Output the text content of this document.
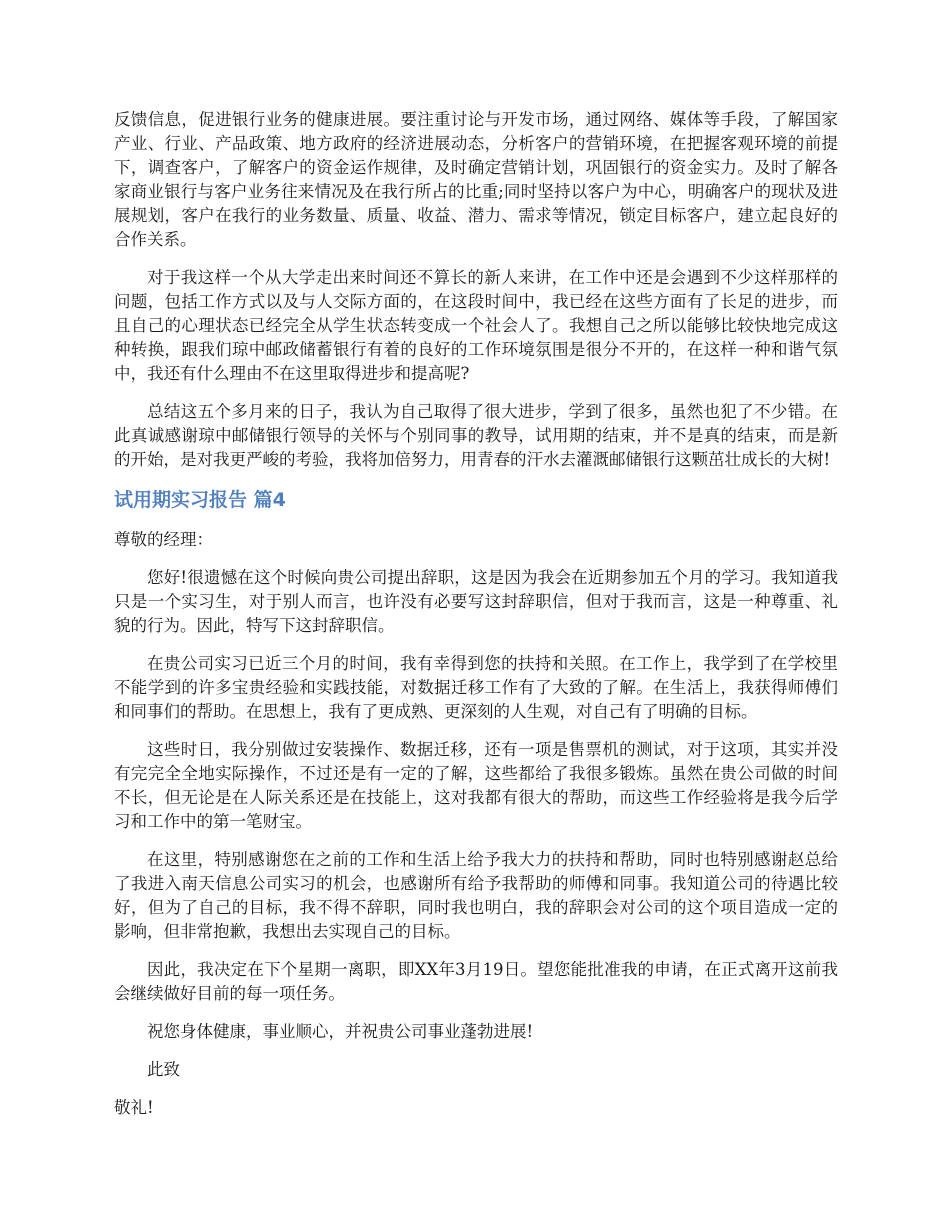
反馈信息，促进银行业务的健康进展。要注重讨论与开发市场，通过网络、媒体等手段，了解国家产业、行业、产品政策、地方政府的经济进展动态，分析客户的营销环境，在把握客观环境的前提下，调查客户，了解客户的资金运作规律，及时确定营销计划，巩固银行的资金实力。及时了解各家商业银行与客户业务往来情况及在我行所占的比重;同时坚持以客户为中心，明确客户的现状及进展规划，客户在我行的业务数量、质量、收益、潜力、需求等情况，锁定目标客户，建立起良好的合作关系。

对于我这样一个从大学走出来时间还不算长的新人来讲，在工作中还是会遇到不少这样那样的问题，包括工作方式以及与人交际方面的，在这段时间中，我已经在这些方面有了长足的进步，而且自己的心理状态已经完全从学生状态转变成一个社会人了。我想自己之所以能够比较快地完成这种转换，跟我们琼中邮政储蓄银行有着的良好的工作环境氛围是很分不开的，在这样一种和谐气氛中，我还有什么理由不在这里取得进步和提高呢?

总结这五个多月来的日子，我认为自己取得了很大进步，学到了很多，虽然也犯了不少错。在此真诚感谢琼中邮储银行领导的关怀与个别同事的教导，试用期的结束，并不是真的结束，而是新的开始，是对我更严峻的考验，我将加倍努力，用青春的汗水去灌溉邮储银行这颗茁壮成长的大树!

试用期实习报告 篇4

尊敬的经理：

您好!很遗憾在这个时候向贵公司提出辞职，这是因为我会在近期参加五个月的学习。我知道我只是一个实习生，对于别人而言，也许没有必要写这封辞职信，但对于我而言，这是一种尊重、礼貌的行为。因此，特写下这封辞职信。

在贵公司实习已近三个月的时间，我有幸得到您的扶持和关照。在工作上，我学到了在学校里不能学到的许多宝贵经验和实践技能，对数据迁移工作有了大致的了解。在生活上，我获得师傅们和同事们的帮助。在思想上，我有了更成熟、更深刻的人生观，对自己有了明确的目标。

这些时日，我分别做过安装操作、数据迁移，还有一项是售票机的测试，对于这项，其实并没有完完全全地实际操作，不过还是有一定的了解，这些都给了我很多锻炼。虽然在贵公司做的时间不长，但无论是在人际关系还是在技能上，这对我都有很大的帮助，而这些工作经验将是我今后学习和工作中的第一笔财宝。

在这里，特别感谢您在之前的工作和生活上给予我大力的扶持和帮助，同时也特别感谢赵总给了我进入南天信息公司实习的机会，也感谢所有给予我帮助的师傅和同事。我知道公司的待遇比较好，但为了自己的目标，我不得不辞职，同时我也明白，我的辞职会对公司的这个项目造成一定的影响，但非常抱歉，我想出去实现自己的目标。

因此，我决定在下个星期一离职，即XX年3月19日。望您能批准我的申请，在正式离开这前我会继续做好目前的每一项任务。

祝您身体健康，事业顺心，并祝贵公司事业蓬勃进展!

此致

敬礼!
